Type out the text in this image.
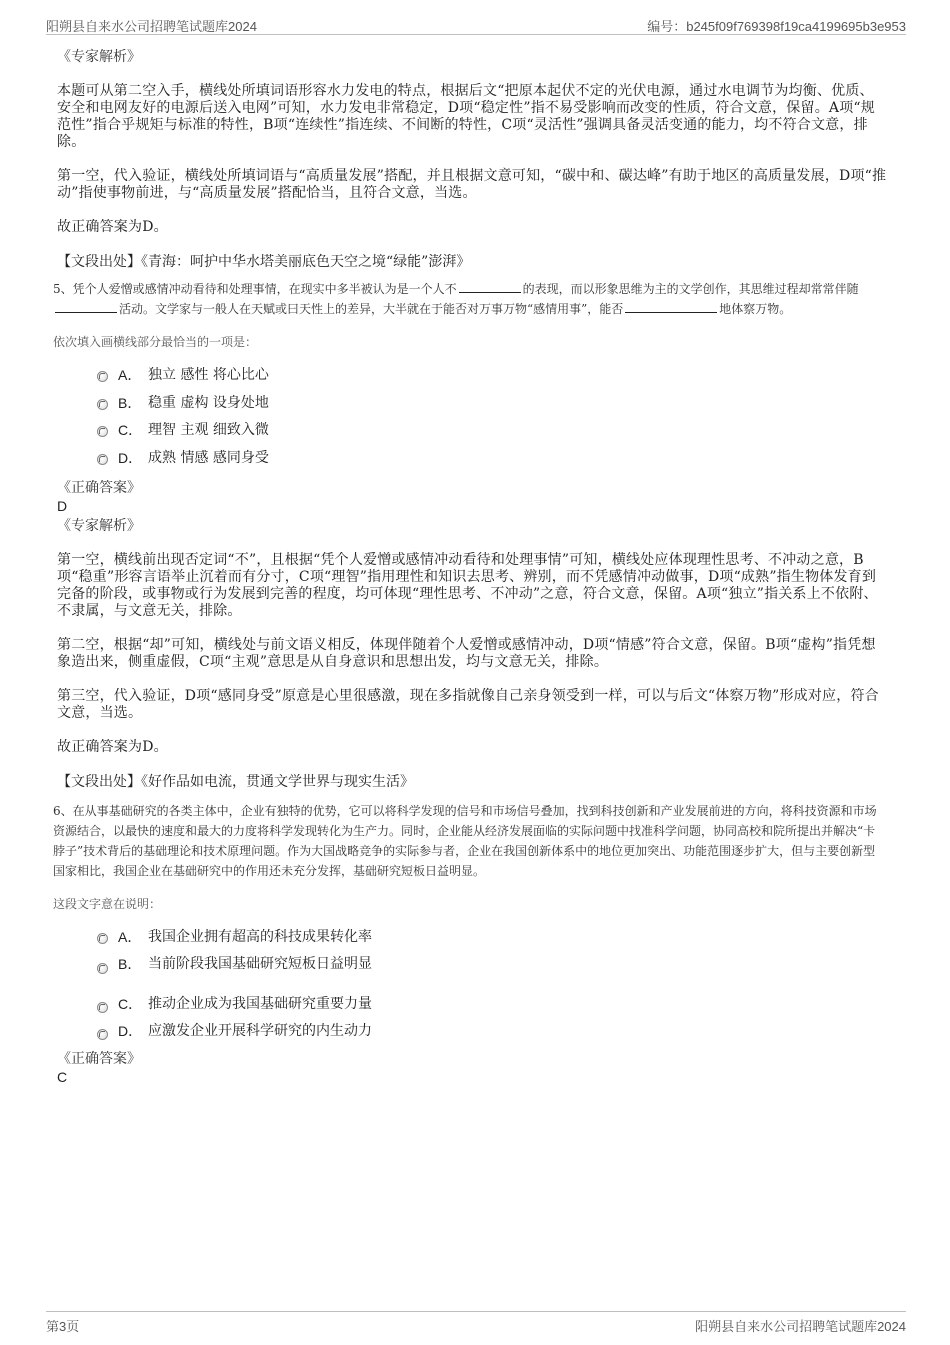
阳朔县自来水公司招聘笔试题库2024	编号：b245f09f769398f19ca4199695b3e953

《专家解析》

本题可从第二空入手，横线处所填词语形容水力发电的特点，根据后文“把原本起伏不定的光伏电源，通过水电调节为均衡、优质、安全和电网友好的电源后送入电网”可知，水力发电非常稳定，D项“稳定性”指不易受影响而改变的性质，符合文意，保留。A项“规范性”指合乎规矩与标准的特性，B项“连续性”指连续、不间断的特性，C项“灵活性”强调具备灵活变通的能力，均不符合文意，排除。

第一空，代入验证，横线处所填词语与“高质量发展”搭配，并且根据文意可知，“碳中和、碳达峰”有助于地区的高质量发展，D项“推动”指使事物前进，与“高质量发展”搭配恰当，且符合文意，当选。

故正确答案为D。

【文段出处】《青海：呵护中华水塔美丽底色天空之境“绿能”澎湃》

5、凭个人爱憎或感情冲动看待和处理事情，在现实中多半被认为是一个人不	的表现，而以形象思维为主的文学创作，其思维过程却常常伴随活动。文学家与一般人在天赋或曰天性上的差异，大半就在于能否对万事万物“感情用事”，能否	地体察万物。

依次填入画横线部分最恰当的一项是：

A． 独立 感性 将心比心
B． 稳重 虚构 设身处地
C． 理智 主观 细致入微
D． 成熟 情感 感同身受

《正确答案》

D

《专家解析》

第一空，横线前出现否定词“不”，且根据“凭个人爱憎或感情冲动看待和处理事情”可知，横线处应体现理性思考、不冲动之意，B项“稳重”形容言语举止沉着而有分寸，C项“理智”指用理性和知识去思考、辨别，而不凭感情冲动做事，D项“成熟”指生物体发育到完备的阶段，或事物或行为发展到完善的程度，均可体现“理性思考、不冲动”之意，符合文意，保留。A项“独立”指关系上不依附、不隶属，与文意无关，排除。

第二空，根据“却”可知，横线处与前文语义相反，体现伴随着个人爱憎或感情冲动，D项“情感”符合文意，保留。B项“虚构”指凭想象造出来，侧重虚假，C项“主观”意思是从自身意识和思想出发，均与文意无关，排除。

第三空，代入验证，D项“感同身受”原意是心里很感激，现在多指就像自己亲身领受到一样，可以与后文“体察万物”形成对应，符合文意，当选。

故正确答案为D。

【文段出处】《好作品如电流，贯通文学世界与现实生活》

6、在从事基础研究的各类主体中，企业有独特的优势，它可以将科学发现的信号和市场信号叠加，找到科技创新和产业发展前进的方向，将科技资源和市场资源结合，以最快的速度和最大的力度将科学发现转化为生产力。同时，企业能从经济发展面临的实际问题中找准科学问题，协同高校和院所提出并解决“卡脖子”技术背后的基础理论和技术原理问题。作为大国战略竞争的实际参与者，企业在我国创新体系中的地位更加突出、功能范围逐步扩大，但与主要创新型国家相比，我国企业在基础研究中的作用还未充分发挥，基础研究短板日益明显。

这段文字意在说明：

A． 我国企业拥有超高的科技成果转化率
B． 当前阶段我国基础研究短板日益明显
C． 推动企业成为我国基础研究重要力量
D． 应激发企业开展科学研究的内生动力

《正确答案》

C

第3页	阳朔县自来水公司招聘笔试题库2024
